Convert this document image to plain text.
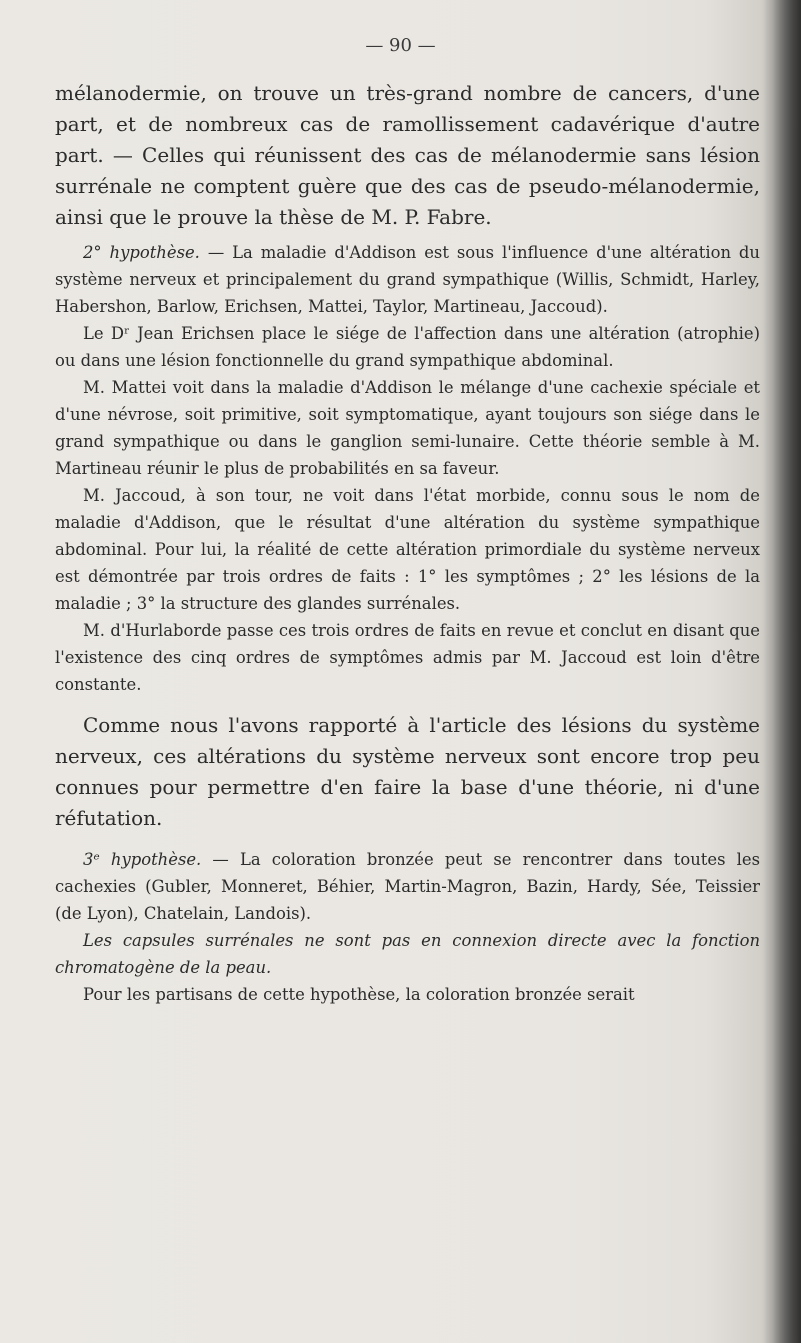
— 90 —

mélanodermie, on trouve un très-grand nombre de cancers, d'une part, et de nombreux cas de ramollissement cadavérique d'autre part. — Celles qui réunissent des cas de mélanodermie sans lésion surrénale ne comptent guère que des cas de pseudo-mélanodermie, ainsi que le prouve la thèse de M. P. Fabre.

2° hypothèse. — La maladie d'Addison est sous l'influence d'une altération du système nerveux et principalement du grand sympathique (Willis, Schmidt, Harley, Habershon, Barlow, Erichsen, Mattei, Taylor, Martineau, Jaccoud).

Le Dʳ Jean Erichsen place le siége de l'affection dans une altération (atrophie) ou dans une lésion fonctionnelle du grand sympathique abdominal.

M. Mattei voit dans la maladie d'Addison le mélange d'une cachexie spéciale et d'une névrose, soit primitive, soit symptomatique, ayant toujours son siége dans le grand sympathique ou dans le ganglion semi-lunaire. Cette théorie semble à M. Martineau réunir le plus de probabilités en sa faveur.

M. Jaccoud, à son tour, ne voit dans l'état morbide, connu sous le nom de maladie d'Addison, que le résultat d'une altération du système sympathique abdominal. Pour lui, la réalité de cette altération primordiale du système nerveux est démontrée par trois ordres de faits : 1° les symptômes ; 2° les lésions de la maladie ; 3° la structure des glandes surrénales.

M. d'Hurlaborde passe ces trois ordres de faits en revue et conclut en disant que l'existence des cinq ordres de symptômes admis par M. Jaccoud est loin d'être constante.

Comme nous l'avons rapporté à l'article des lésions du système nerveux, ces altérations du système nerveux sont encore trop peu connues pour permettre d'en faire la base d'une théorie, ni d'une réfutation.

3ᵉ hypothèse. — La coloration bronzée peut se rencontrer dans toutes les cachexies (Gubler, Monneret, Béhier, Martin-Magron, Bazin, Hardy, Sée, Teissier (de Lyon), Chatelain, Landois).

Les capsules surrénales ne sont pas en connexion directe avec la fonction chromatogène de la peau.

Pour les partisans de cette hypothèse, la coloration bronzée serait
